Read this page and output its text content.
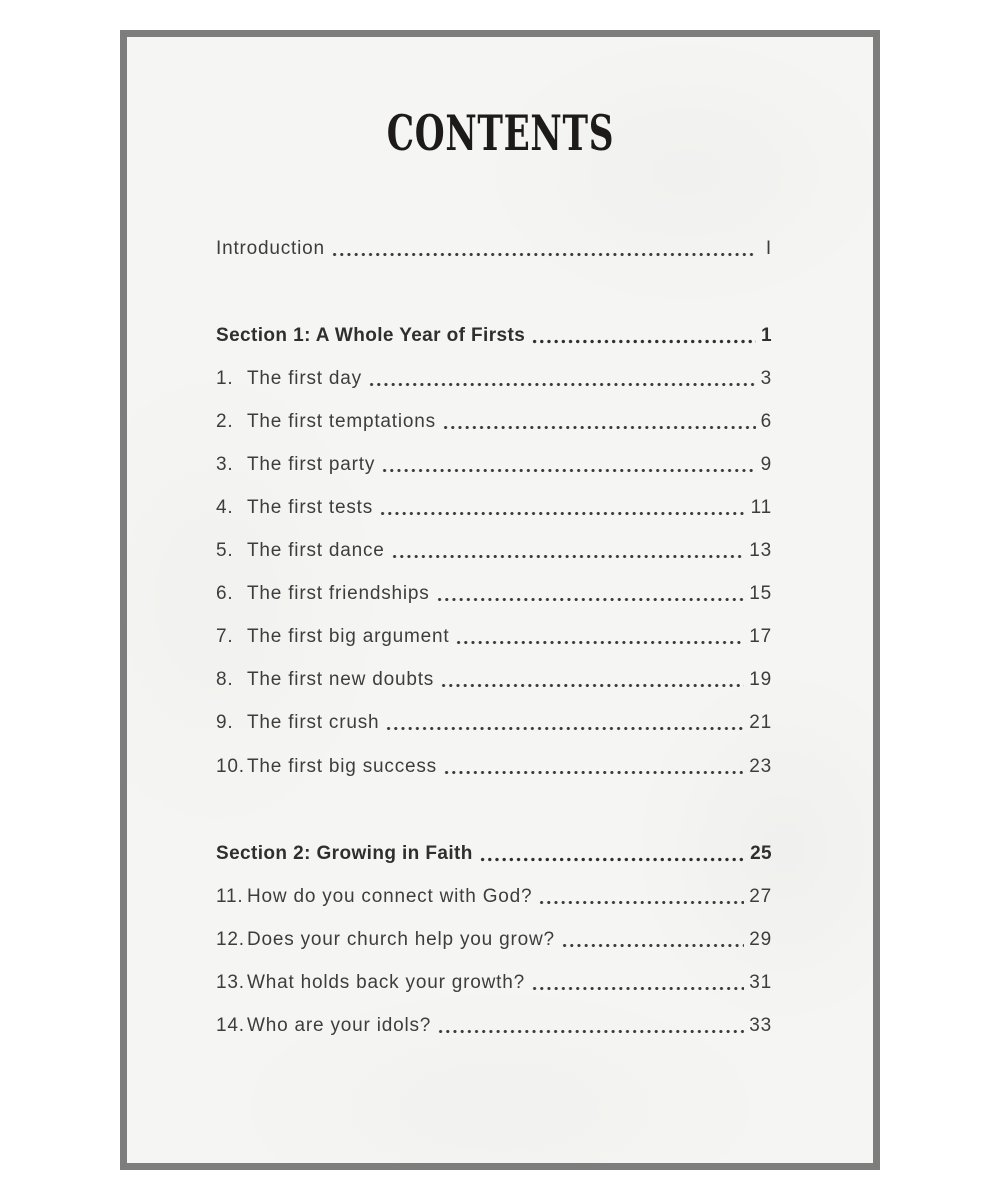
CONTENTS
Introduction	I
Section 1: A Whole Year of Firsts	1
1. The first day	3
2. The first temptations	6
3. The first party	9
4. The first tests	11
5. The first dance	13
6. The first friendships	15
7. The first big argument	17
8. The first new doubts	19
9. The first crush	21
10. The first big success	23
Section 2: Growing in Faith	25
11. How do you connect with God?	27
12. Does your church help you grow?	29
13. What holds back your growth?	31
14. Who are your idols?	33
